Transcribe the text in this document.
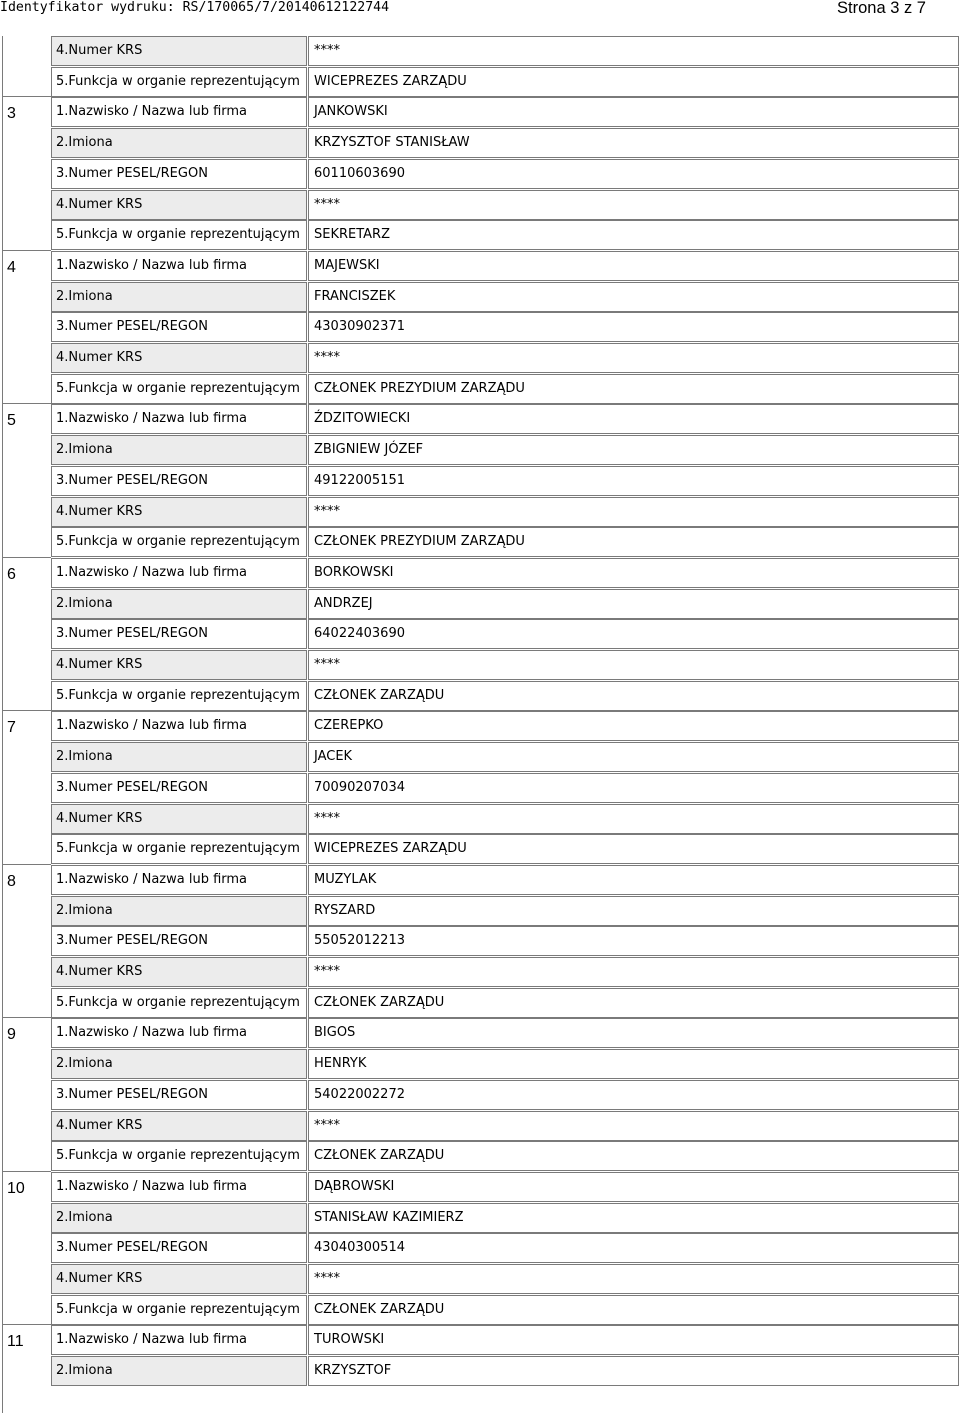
Identyfikator wydruku: RS/170065/7/20140612122744	Strona 3 z 7
4.Numer KRS	****
5.Funkcja w organie reprezentującym	WICEPREZES ZARZĄDU
3	1.Nazwisko / Nazwa lub firma	JANKOWSKI
2.Imiona	KRZYSZTOF STANISŁAW
3.Numer PESEL/REGON	60110603690
4.Numer KRS	****
5.Funkcja w organie reprezentującym	SEKRETARZ
4	1.Nazwisko / Nazwa lub firma	MAJEWSKI
2.Imiona	FRANCISZEK
3.Numer PESEL/REGON	43030902371
4.Numer KRS	****
5.Funkcja w organie reprezentującym	CZŁONEK PREZYDIUM ZARZĄDU
5	1.Nazwisko / Nazwa lub firma	ŹDZITOWIECKI
2.Imiona	ZBIGNIEW JÓZEF
3.Numer PESEL/REGON	49122005151
4.Numer KRS	****
5.Funkcja w organie reprezentującym	CZŁONEK PREZYDIUM ZARZĄDU
6	1.Nazwisko / Nazwa lub firma	BORKOWSKI
2.Imiona	ANDRZEJ
3.Numer PESEL/REGON	64022403690
4.Numer KRS	****
5.Funkcja w organie reprezentującym	CZŁONEK ZARZĄDU
7	1.Nazwisko / Nazwa lub firma	CZEREPKO
2.Imiona	JACEK
3.Numer PESEL/REGON	70090207034
4.Numer KRS	****
5.Funkcja w organie reprezentującym	WICEPREZES ZARZĄDU
8	1.Nazwisko / Nazwa lub firma	MUZYLAK
2.Imiona	RYSZARD
3.Numer PESEL/REGON	55052012213
4.Numer KRS	****
5.Funkcja w organie reprezentującym	CZŁONEK ZARZĄDU
9	1.Nazwisko / Nazwa lub firma	BIGOS
2.Imiona	HENRYK
3.Numer PESEL/REGON	54022002272
4.Numer KRS	****
5.Funkcja w organie reprezentującym	CZŁONEK ZARZĄDU
10	1.Nazwisko / Nazwa lub firma	DĄBROWSKI
2.Imiona	STANISŁAW KAZIMIERZ
3.Numer PESEL/REGON	43040300514
4.Numer KRS	****
5.Funkcja w organie reprezentującym	CZŁONEK ZARZĄDU
11	1.Nazwisko / Nazwa lub firma	TUROWSKI
2.Imiona	KRZYSZTOF
